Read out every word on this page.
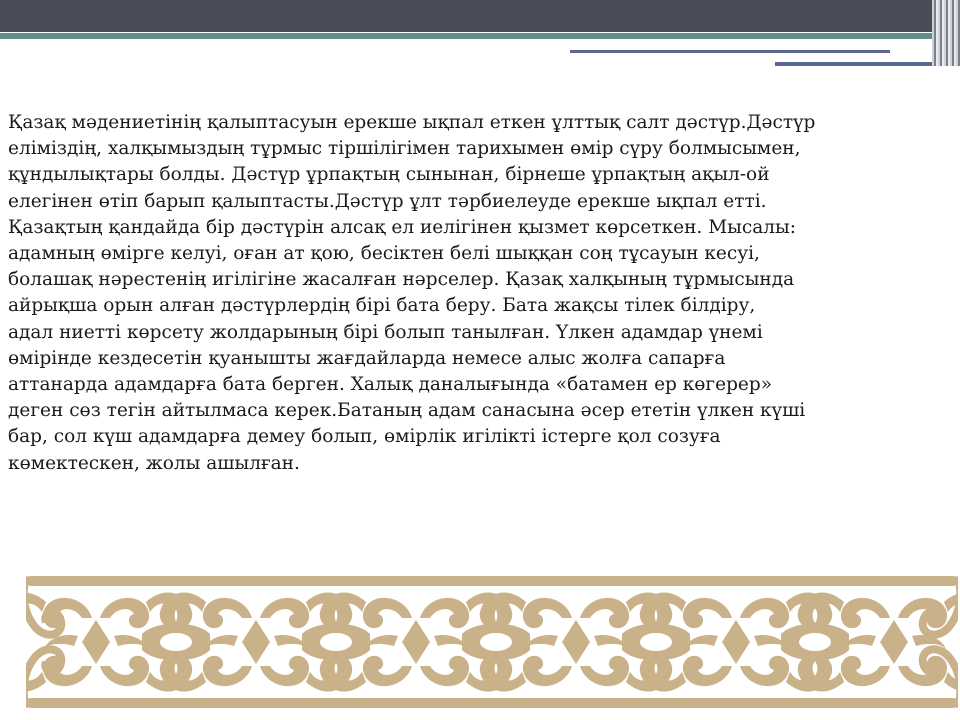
Қазақ мәдениетінің қалыптасуын ерекше ықпал еткен ұлттық салт дәстүр.Дәстүр
еліміздің, халқымыздың тұрмыс тіршілігімен тарихымен өмір сүру болмысымен,
құндылықтары болды. Дәстүр ұрпақтың сынынан, бірнеше ұрпақтың ақыл-ой
елегінен өтіп барып қалыптасты.Дәстүр ұлт тәрбиелеуде ерекше ықпал етті.
Қазақтың қандайда бір дәстүрін алсақ ел иелігінен қызмет көрсеткен. Мысалы:
адамның өмірге келуі, оған ат қою, бесіктен белі шыққан соң тұсауын кесуі,
болашақ нәрестенің игілігіне жасалған нәрселер. Қазақ халқының тұрмысында
айрықша орын алған дәстүрлердің бірі бата беру. Бата жақсы тілек білдіру,
адал ниетті көрсету жолдарының бірі болып танылған. Үлкен адамдар үнемі
өмірінде кездесетін қуанышты жағдайларда немесе алыс жолға сапарға
аттанарда адамдарға бата берген. Халық даналығында «батамен ер көгерер»
деген сөз тегін айтылмаса керек.Батаның адам санасына әсер ететін үлкен күші
бар, сол күш адамдарға демеу болып, өмірлік игілікті істерге қол созуға
көмектескен, жолы ашылған.
